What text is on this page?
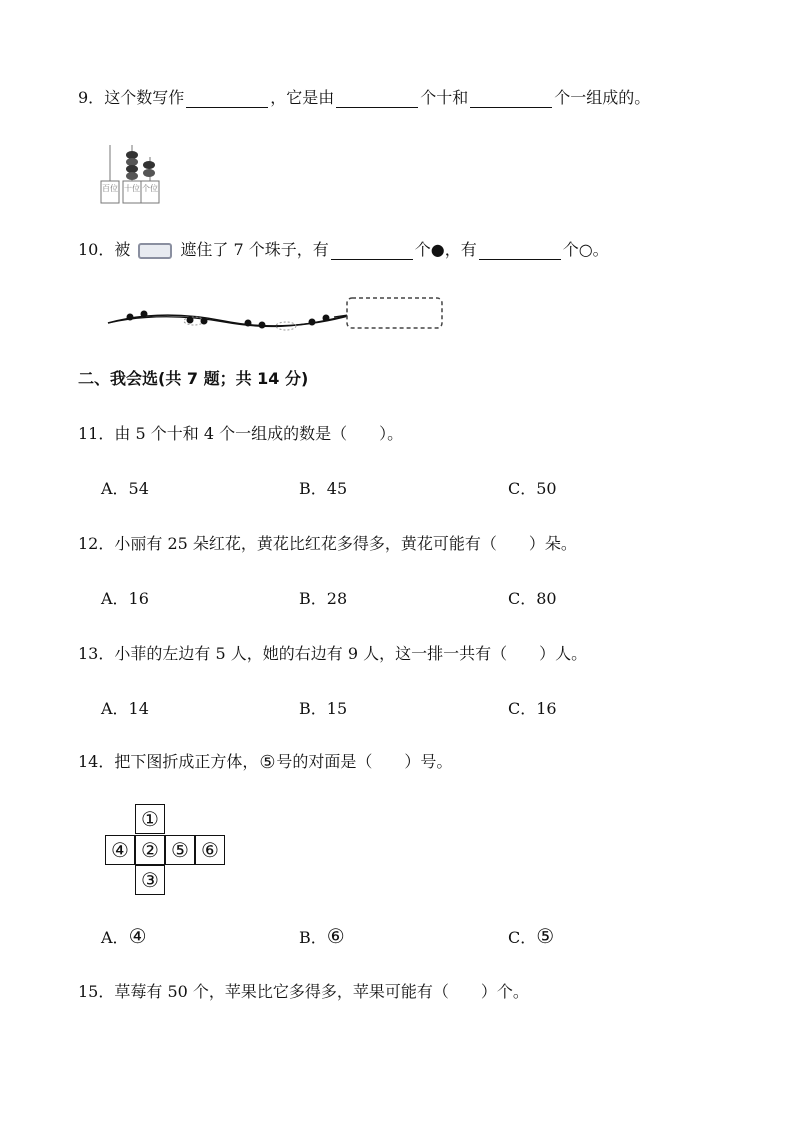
9．这个数写作	，它是由	个十和	个一组成的。
百位 十位 个位
10．被	遮住了 7 个珠子，有	个●，有	个○。
二、我会选(共 7 题；共 14 分)
11．由 5 个十和 4 个一组成的数是（　　）。
A．54	B．45	C．50
12．小丽有 25 朵红花，黄花比红花多得多，黄花可能有（　　）朵。
A．16	B．28	C．80
13．小菲的左边有 5 人，她的右边有 9 人，这一排一共有（　　）人。
A．14	B．15	C．16
14．把下图折成正方体，⑤号的对面是（　　）号。
①
④ ② ⑤ ⑥
③
A．④	B．⑥	C．⑤
15．草莓有 50 个，苹果比它多得多，苹果可能有（　　）个。
